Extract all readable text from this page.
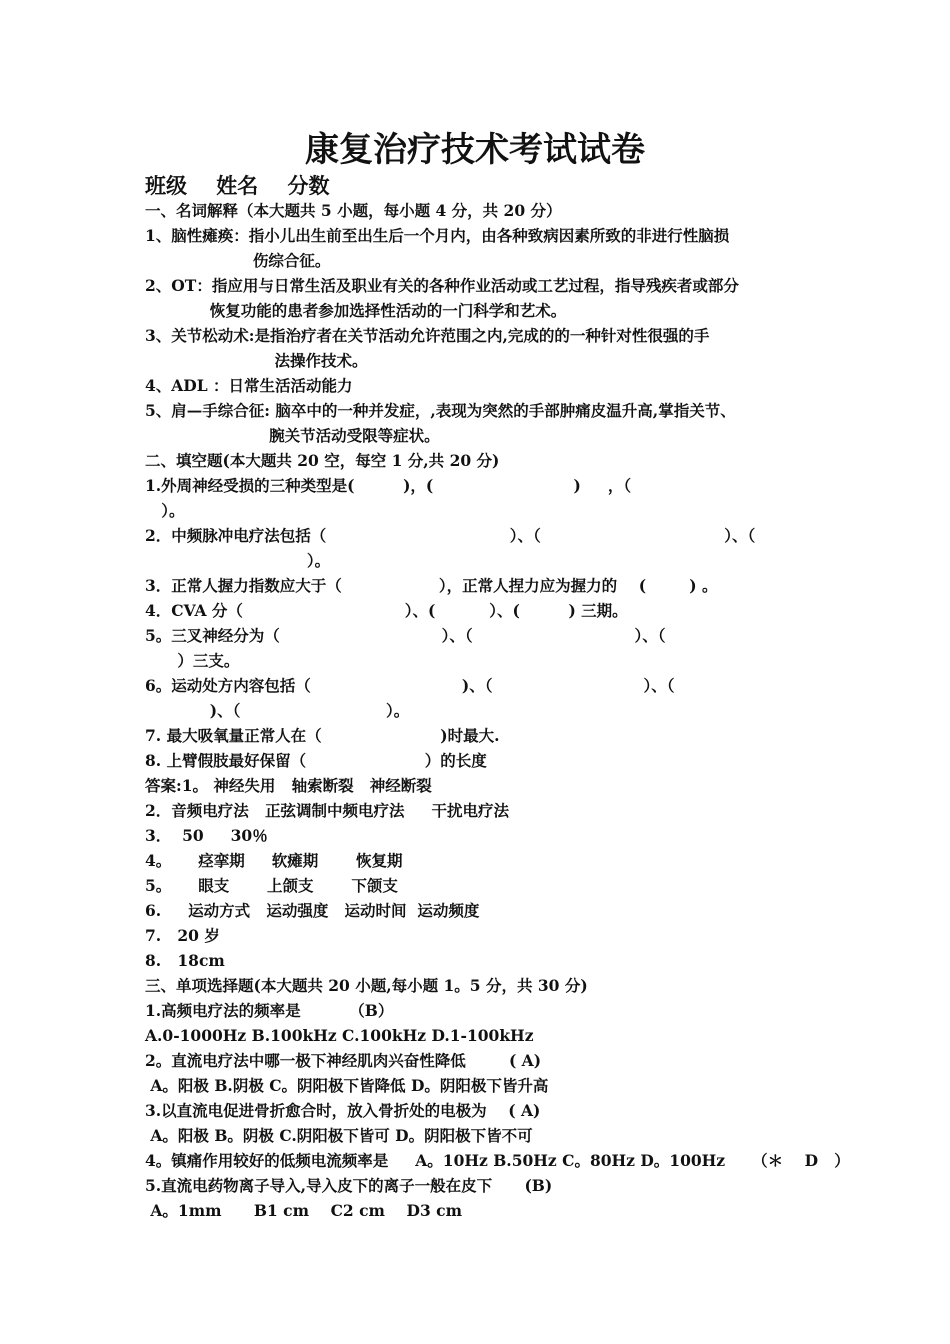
康复治疗技术考试试卷
班级    姓名    分数
一、名词解释（本大题共 5 小题，每小题 4 分，共 20 分）
1、脑性瘫痪：指小儿出生前至出生后一个月内，由各种致病因素所致的非进行性脑损
伤综合征。
2、OT：指应用与日常生活及职业有关的各种作业活动或工艺过程，指导残疾者或部分
恢复功能的患者参加选择性活动的一门科学和艺术。
3、关节松动术:是指治疗者在关节活动允许范围之内,完成的的一种针对性很强的手
法操作技术。
4、ADL ：日常生活活动能力
5、肩—手综合征: 脑卒中的一种并发症，,表现为突然的手部肿痛皮温升高,掌指关节、
腕关节活动受限等症状。
二、填空题(本大题共 20 空，每空 1 分,共 20 分)
1.外周神经受损的三种类型是(         )，(                          )     ，（
）。
2．中频脉冲电疗法包括（                                  ）、（                                  ）、（
）。
3．正常人握力指数应大于（                  ），正常人捏力应为握力的    (        ) 。
4．CVA 分（                              ）、(          ）、(         ) 三期。
5。三叉神经分为（                              ）、（                              ）、（
）三支。
6。运动处方内容包括（                            )、（                            ）、（
)、（                           ）。
7. 最大吸氧量正常人在（                      )时最大.
8. 上臂假肢最好保留（                      ）的长度
答案:1。 神经失用   轴索断裂   神经断裂
2．音频电疗法   正弦调制中频电疗法     干扰电疗法
3．  50     30％
4。     痉挛期     软瘫期       恢复期
5。     眼支       上颌支       下颌支
6.     运动方式   运动强度   运动时间  运动频度
7.   20 岁
8.   18cm
三、单项选择题(本大题共 20 小题,每小题 1。5 分，共 30 分)
1.高频电疗法的频率是         （B）
A.0-1000Hz B.100kHz C.100kHz D.1-100kHz
2。直流电疗法中哪一极下神经肌肉兴奋性降低        ( A)
A。阳极 B.阴极 C。阴阳极下皆降低 D。阴阳极下皆升高
3.以直流电促进骨折愈合时，放入骨折处的电极为    ( A)
A。阳极 B。阴极 C.阴阳极下皆可 D。阴阳极下皆不可
4。镇痛作用较好的低频电流频率是     A。10Hz B.50Hz C。80Hz D。100Hz     （＊    D   ）
5.直流电药物离子导入,导入皮下的离子一般在皮下      (B)
A。1mm      B1 cm    C2 cm    D3 cm
